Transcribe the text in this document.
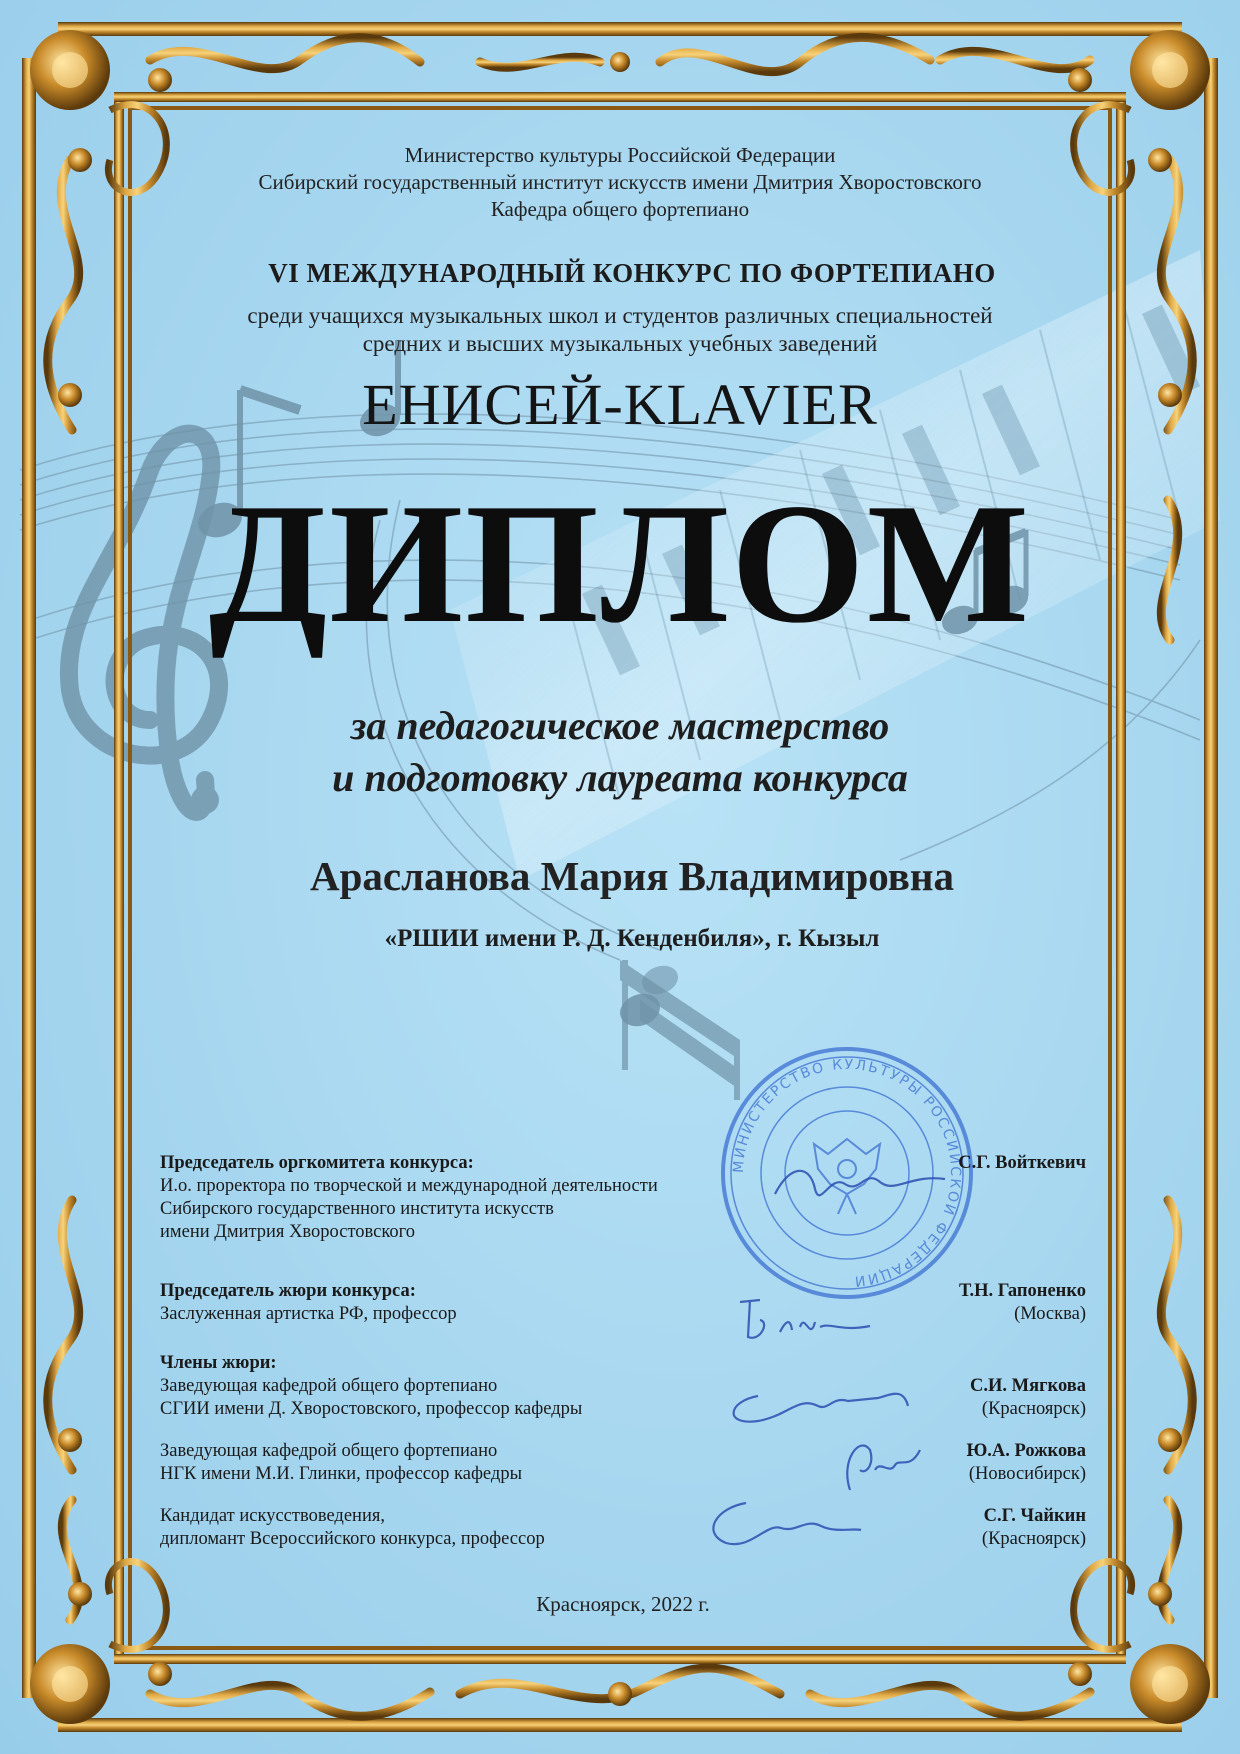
Министерство культуры Российской Федерации
Сибирский государственный институт искусств имени Дмитрия Хворостовского
Кафедра общего фортепиано
VI МЕЖДУНАРОДНЫЙ КОНКУРС ПО ФОРТЕПИАНО
среди учащихся музыкальных школ и студентов различных специальностей
средних и высших музыкальных учебных заведений
ЕНИСЕЙ-KLAVIER
ДИПЛОМ
за педагогическое мастерство
и подготовку лауреата конкурса
Арасланова Мария Владимировна
«РШИИ имени Р. Д. Кенденбиля», г. Кызыл
МИНИСТЕРСТВО КУЛЬТУРЫ РОССИЙСКОЙ ФЕДЕРАЦИИ
Председатель оргкомитета конкурса:
И.о. проректора по творческой и международной деятельности
Сибирского государственного института искусств
имени Дмитрия Хворостовского
С.Г. Войткевич
Председатель жюри конкурса:
Заслуженная артистка РФ, профессор
Т.Н. Гапоненко
(Москва)
Члены жюри:
Заведующая кафедрой общего фортепиано
СГИИ имени Д. Хворостовского, профессор кафедры
С.И. Мягкова
(Красноярск)
Заведующая кафедрой общего фортепиано
НГК имени М.И. Глинки, профессор кафедры
Ю.А. Рожкова
(Новосибирск)
Кандидат искусствоведения,
дипломант Всероссийского конкурса, профессор
С.Г. Чайкин
(Красноярск)
Красноярск, 2022 г.
